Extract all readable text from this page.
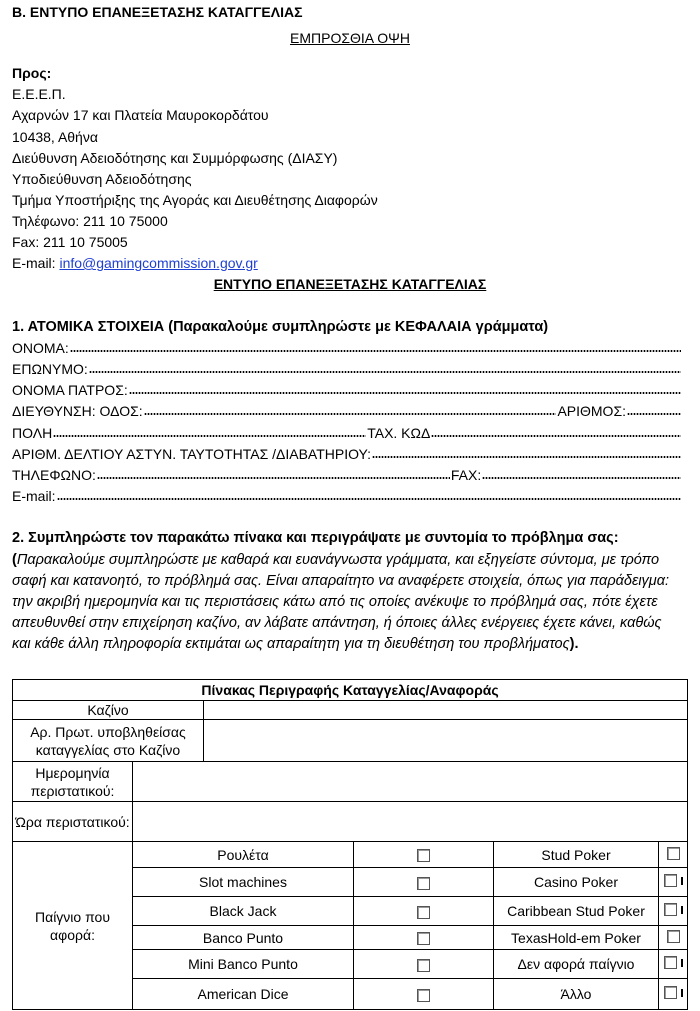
Β. ΕΝΤΥΠΟ ΕΠΑΝΕΞΕΤΑΣΗΣ ΚΑΤΑΓΓΕΛΙΑΣ
ΕΜΠΡΟΣΘΙΑ ΟΨΗ
Προς:
Ε.Ε.Ε.Π.
Αχαρνών 17 και Πλατεία Μαυροκορδάτου
10438, Αθήνα
Διεύθυνση Αδειοδότησης και Συμμόρφωσης (ΔΙΑΣΥ)
Υποδιεύθυνση Αδειοδότησης
Τμήμα Υποστήριξης της Αγοράς και Διευθέτησης Διαφορών
Τηλέφωνο: 211 10 75000
Fax: 211 10 75005
E-mail: info@gamingcommission.gov.gr
ΕΝΤΥΠΟ ΕΠΑΝΕΞΕΤΑΣΗΣ ΚΑΤΑΓΓΕΛΙΑΣ
1. ΑΤΟΜΙΚΑ ΣΤΟΙΧΕΙΑ (Παρακαλούμε συμπληρώστε με ΚΕΦΑΛΑΙΑ γράμματα)
ΟΝΟΜΑ:
ΕΠΩΝΥΜΟ:
ΟΝΟΜΑ ΠΑΤΡΟΣ:
ΔΙΕΥΘΥΝΣΗ: ΟΔΟΣ:	ΑΡΙΘΜΟΣ:
ΠΟΛΗ	ΤΑΧ. ΚΩΔ
ΑΡΙΘΜ. ΔΕΛΤΙΟΥ ΑΣΤΥΝ. ΤΑΥΤΟΤΗΤΑΣ /ΔΙΑΒΑΤΗΡΙΟΥ:
ΤΗΛΕΦΩΝΟ:	FAX:
E-mail:
2. Συμπληρώστε τον παρακάτω πίνακα και περιγράψατε με συντομία το πρόβλημα σας:
(Παρακαλούμε συμπληρώστε με καθαρά και ευανάγνωστα γράμματα, και εξηγείστε σύντομα, με τρόπο σαφή και κατανοητό, το πρόβλημά σας. Είναι απαραίτητο να αναφέρετε στοιχεία, όπως για παράδειγμα: την ακριβή ημερομηνία και τις περιστάσεις κάτω από τις οποίες ανέκυψε το πρόβλημά σας, πότε έχετε απευθυνθεί στην επιχείρηση καζίνο, αν λάβατε απάντηση, ή όποιες άλλες ενέργειες έχετε κάνει, καθώς και κάθε άλλη πληροφορία εκτιμάται ως απαραίτητη για τη διευθέτηση του προβλήματος).
Πίνακας Περιγραφής Καταγγελίας/Αναφοράς					
Καζίνο					
Αρ. Πρωτ. υποβληθείσας καταγγελίας στο Καζίνο					
Ημερομηνία περιστατικού:					
Ώρα περιστατικού:					
Παίγνιο που αφορά:	Ρουλέτα			Stud Poker	

	Slot machines			Casino Poker	

	Black Jack			Caribbean Stud Poker	

	Banco Punto			TexasHold-em Poker	

	Mini Banco Punto			Δεν αφορά παίγνιο	

	American Dice			Άλλο	
